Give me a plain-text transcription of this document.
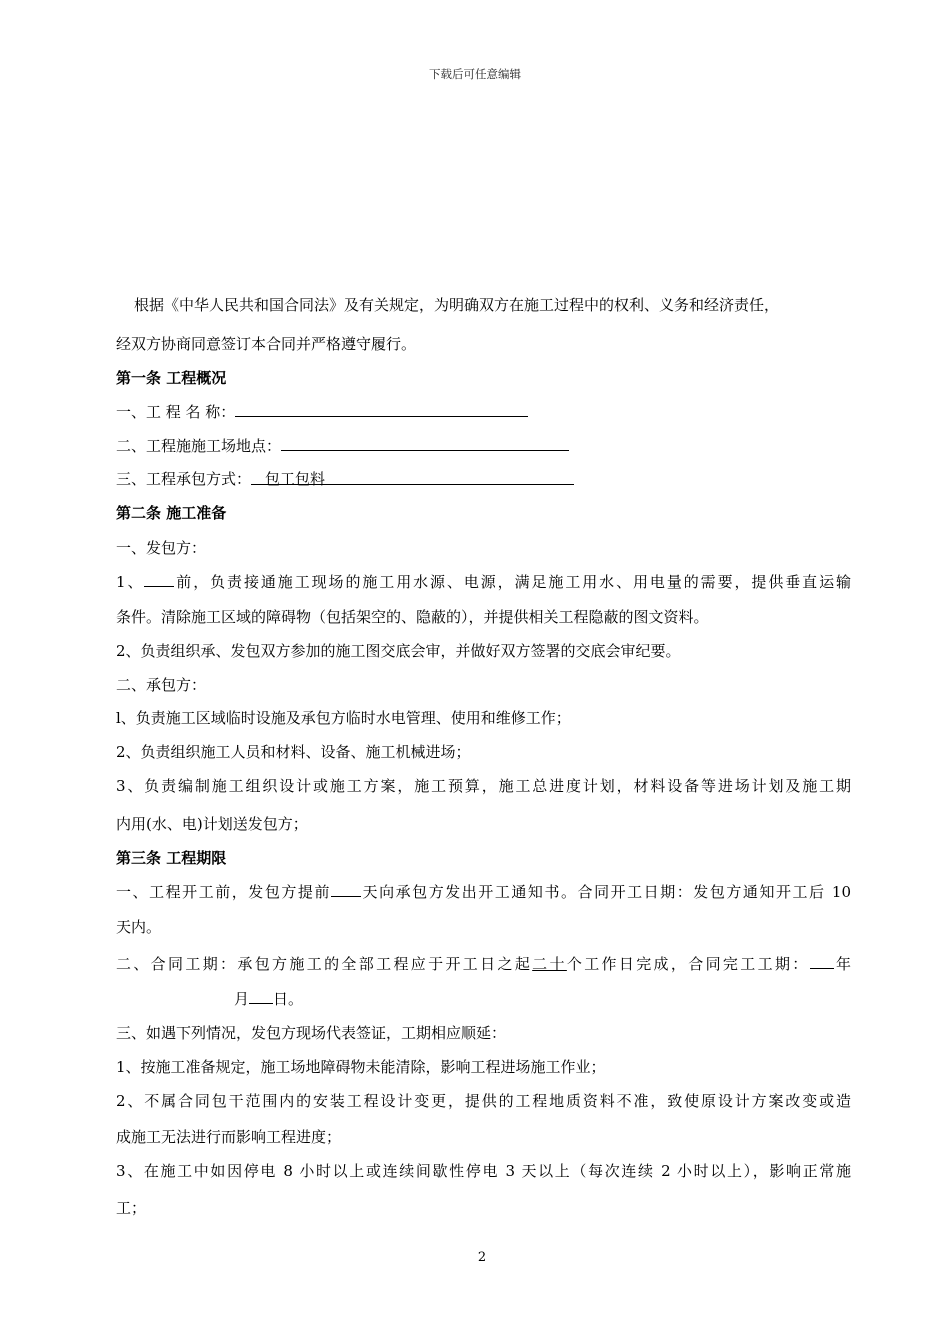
下载后可任意编辑
根据《中华人民共和国合同法》及有关规定，为明确双方在施工过程中的权利、义务和经济责任，
经双方协商同意签订本合同并严格遵守履行。
第一条 工程概况
一、工 程 名 称：
二、工程施施工场地点：
三、工程承包方式： 包工包料
第二条 施工准备
一、发包方：
1、 前，负责接通施工现场的施工用水源、电源，满足施工用水、用电量的需要，提供垂直运输
条件。清除施工区域的障碍物（包括架空的、隐蔽的），并提供相关工程隐蔽的图文资料。
2、负责组织承、发包双方参加的施工图交底会审，并做好双方签署的交底会审纪要。
二、承包方：
l、负责施工区域临时设施及承包方临时水电管理、使用和维修工作；
2、负责组织施工人员和材料、设备、施工机械进场；
3、负责编制施工组织设计或施工方案，施工预算，施工总进度计划，材料设备等进场计划及施工期
内用(水、电)计划送发包方；
第三条 工程期限
一、工程开工前，发包方提前 天向承包方发出开工通知书。合同开工日期：发包方通知开工后 10
天内。
二、合同工期：承包方施工的全部工程应于开工日之起二十个工作日完成，合同完工工期： 年
月 日。
三、如遇下列情况，发包方现场代表签证，工期相应顺延：
1、按施工准备规定，施工场地障碍物未能清除，影响工程进场施工作业；
2、不属合同包干范围内的安装工程设计变更，提供的工程地质资料不准，致使原设计方案改变或造
成施工无法进行而影响工程进度；
3、在施工中如因停电 8 小时以上或连续间歇性停电 3 天以上（每次连续 2 小时以上），影响正常施
工；
2
